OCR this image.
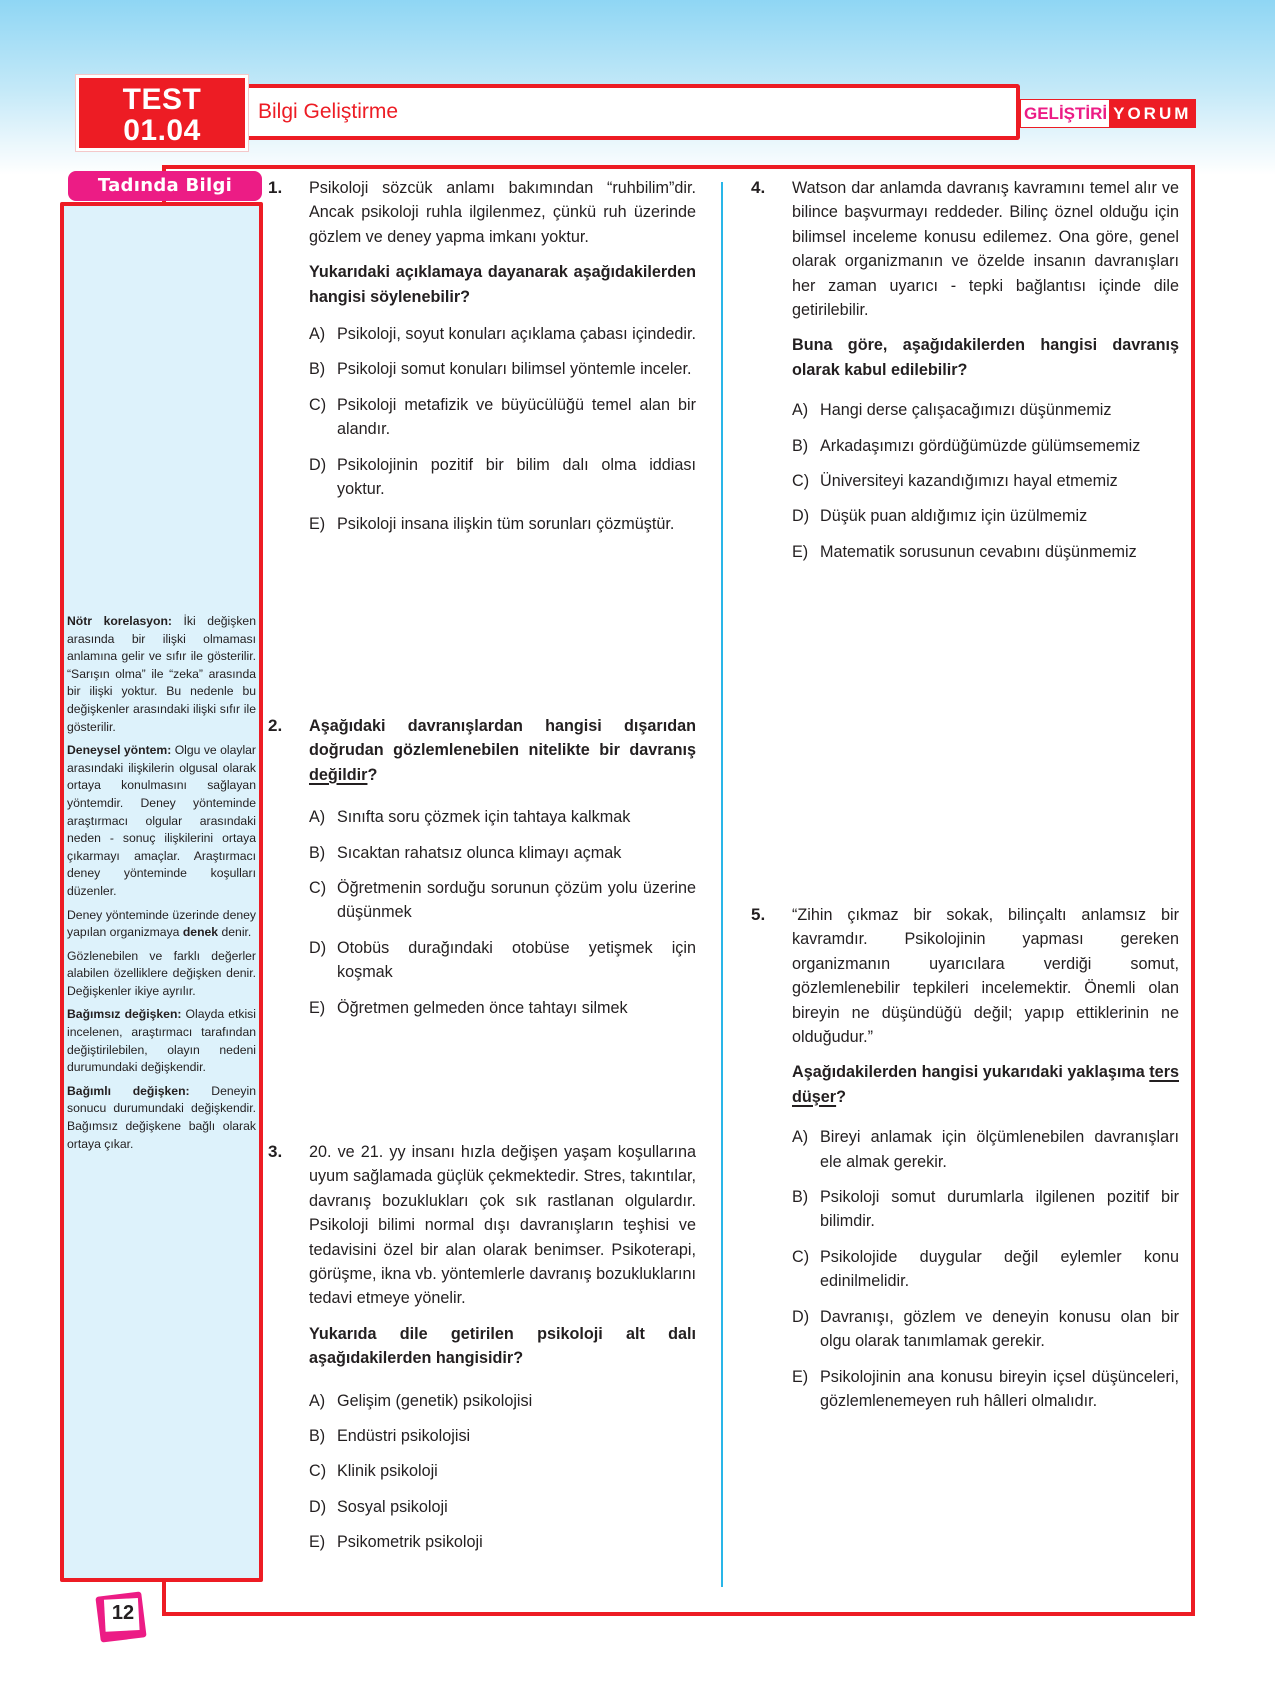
TEST
01.04
Bilgi Geliştirme	GELİŞTİRİ YORUM
Tadında Bilgi

Nötr korelasyon: İki değişken arasında bir ilişki olmaması anlamına gelir ve sıfır ile gösterilir. “Sarışın olma” ile “zeka” arasında bir ilişki yoktur. Bu nedenle bu değişkenler arasındaki ilişki sıfır ile gösterilir.

Deneysel yöntem: Olgu ve olaylar arasındaki ilişkilerin olgusal olarak ortaya konulmasını sağlayan yöntemdir. Deney yönteminde araştırmacı olgular arasındaki neden - sonuç ilişkilerini ortaya çıkarmayı amaçlar. Araştırmacı deney yönteminde koşulları düzenler.

Deney yönteminde üzerinde deney yapılan organizmaya denek denir.

Gözlenebilen ve farklı değerler alabilen özelliklere değişken denir. Değişkenler ikiye ayrılır.

Bağımsız değişken: Olayda etkisi incelenen, araştırmacı tarafından değiştirilebilen, olayın nedeni durumundaki değişkendir.

Bağımlı değişken: Deneyin sonucu durumundaki değişkendir. Bağımsız değişkene bağlı olarak ortaya çıkar.

12
1. Psikoloji sözcük anlamı bakımından “ruhbilim”dir. Ancak psikoloji ruhla ilgilenmez, çünkü ruh üzerinde gözlem ve deney yapma imkanı yoktur.
Yukarıdaki açıklamaya dayanarak aşağıdakilerden hangisi söylenebilir?
A) Psikoloji, soyut konuları açıklama çabası içindedir.
B) Psikoloji somut konuları bilimsel yöntemle inceler.
C) Psikoloji metafizik ve büyücülüğü temel alan bir alandır.
D) Psikolojinin pozitif bir bilim dalı olma iddiası yoktur.
E) Psikoloji insana ilişkin tüm sorunları çözmüştür.
2. Aşağıdaki davranışlardan hangisi dışarıdan doğrudan gözlemlenebilen nitelikte bir davranış değildir?
A) Sınıfta soru çözmek için tahtaya kalkmak
B) Sıcaktan rahatsız olunca klimayı açmak
C) Öğretmenin sorduğu sorunun çözüm yolu üzerine düşünmek
D) Otobüs durağındaki otobüse yetişmek için koşmak
E) Öğretmen gelmeden önce tahtayı silmek
3. 20. ve 21. yy insanı hızla değişen yaşam koşullarına uyum sağlamada güçlük çekmektedir. Stres, takıntılar, davranış bozuklukları çok sık rastlanan olgulardır. Psikoloji bilimi normal dışı davranışların teşhisi ve tedavisini özel bir alan olarak benimser. Psikoterapi, görüşme, ikna vb. yöntemlerle davranış bozukluklarını tedavi etmeye yönelir.
Yukarıda dile getirilen psikoloji alt dalı aşağıdakilerden hangisidir?
A) Gelişim (genetik) psikolojisi
B) Endüstri psikolojisi
C) Klinik psikoloji
D) Sosyal psikoloji
E) Psikometrik psikoloji
4. Watson dar anlamda davranış kavramını temel alır ve bilince başvurmayı reddeder. Bilinç öznel olduğu için bilimsel inceleme konusu edilemez. Ona göre, genel olarak organizmanın ve özelde insanın davranışları her zaman uyarıcı - tepki bağlantısı içinde dile getirilebilir.
Buna göre, aşağıdakilerden hangisi davranış olarak kabul edilebilir?
A) Hangi derse çalışacağımızı düşünmemiz
B) Arkadaşımızı gördüğümüzde gülümsememiz
C) Üniversiteyi kazandığımızı hayal etmemiz
D) Düşük puan aldığımız için üzülmemiz
E) Matematik sorusunun cevabını düşünmemiz
5. “Zihin çıkmaz bir sokak, bilinçaltı anlamsız bir kavramdır. Psikolojinin yapması gereken organizmanın uyarıcılara verdiği somut, gözlemlenebilir tepkileri incelemektir. Önemli olan bireyin ne düşündüğü değil; yapıp ettiklerinin ne olduğudur.”
Aşağıdakilerden hangisi yukarıdaki yaklaşıma ters düşer?
A) Bireyi anlamak için ölçümlenebilen davranışları ele almak gerekir.
B) Psikoloji somut durumlarla ilgilenen pozitif bir bilimdir.
C) Psikolojide duygular değil eylemler konu edinilmelidir.
D) Davranışı, gözlem ve deneyin konusu olan bir olgu olarak tanımlamak gerekir.
E) Psikolojinin ana konusu bireyin içsel düşünceleri, gözlemlenemeyen ruh hâlleri olmalıdır.
